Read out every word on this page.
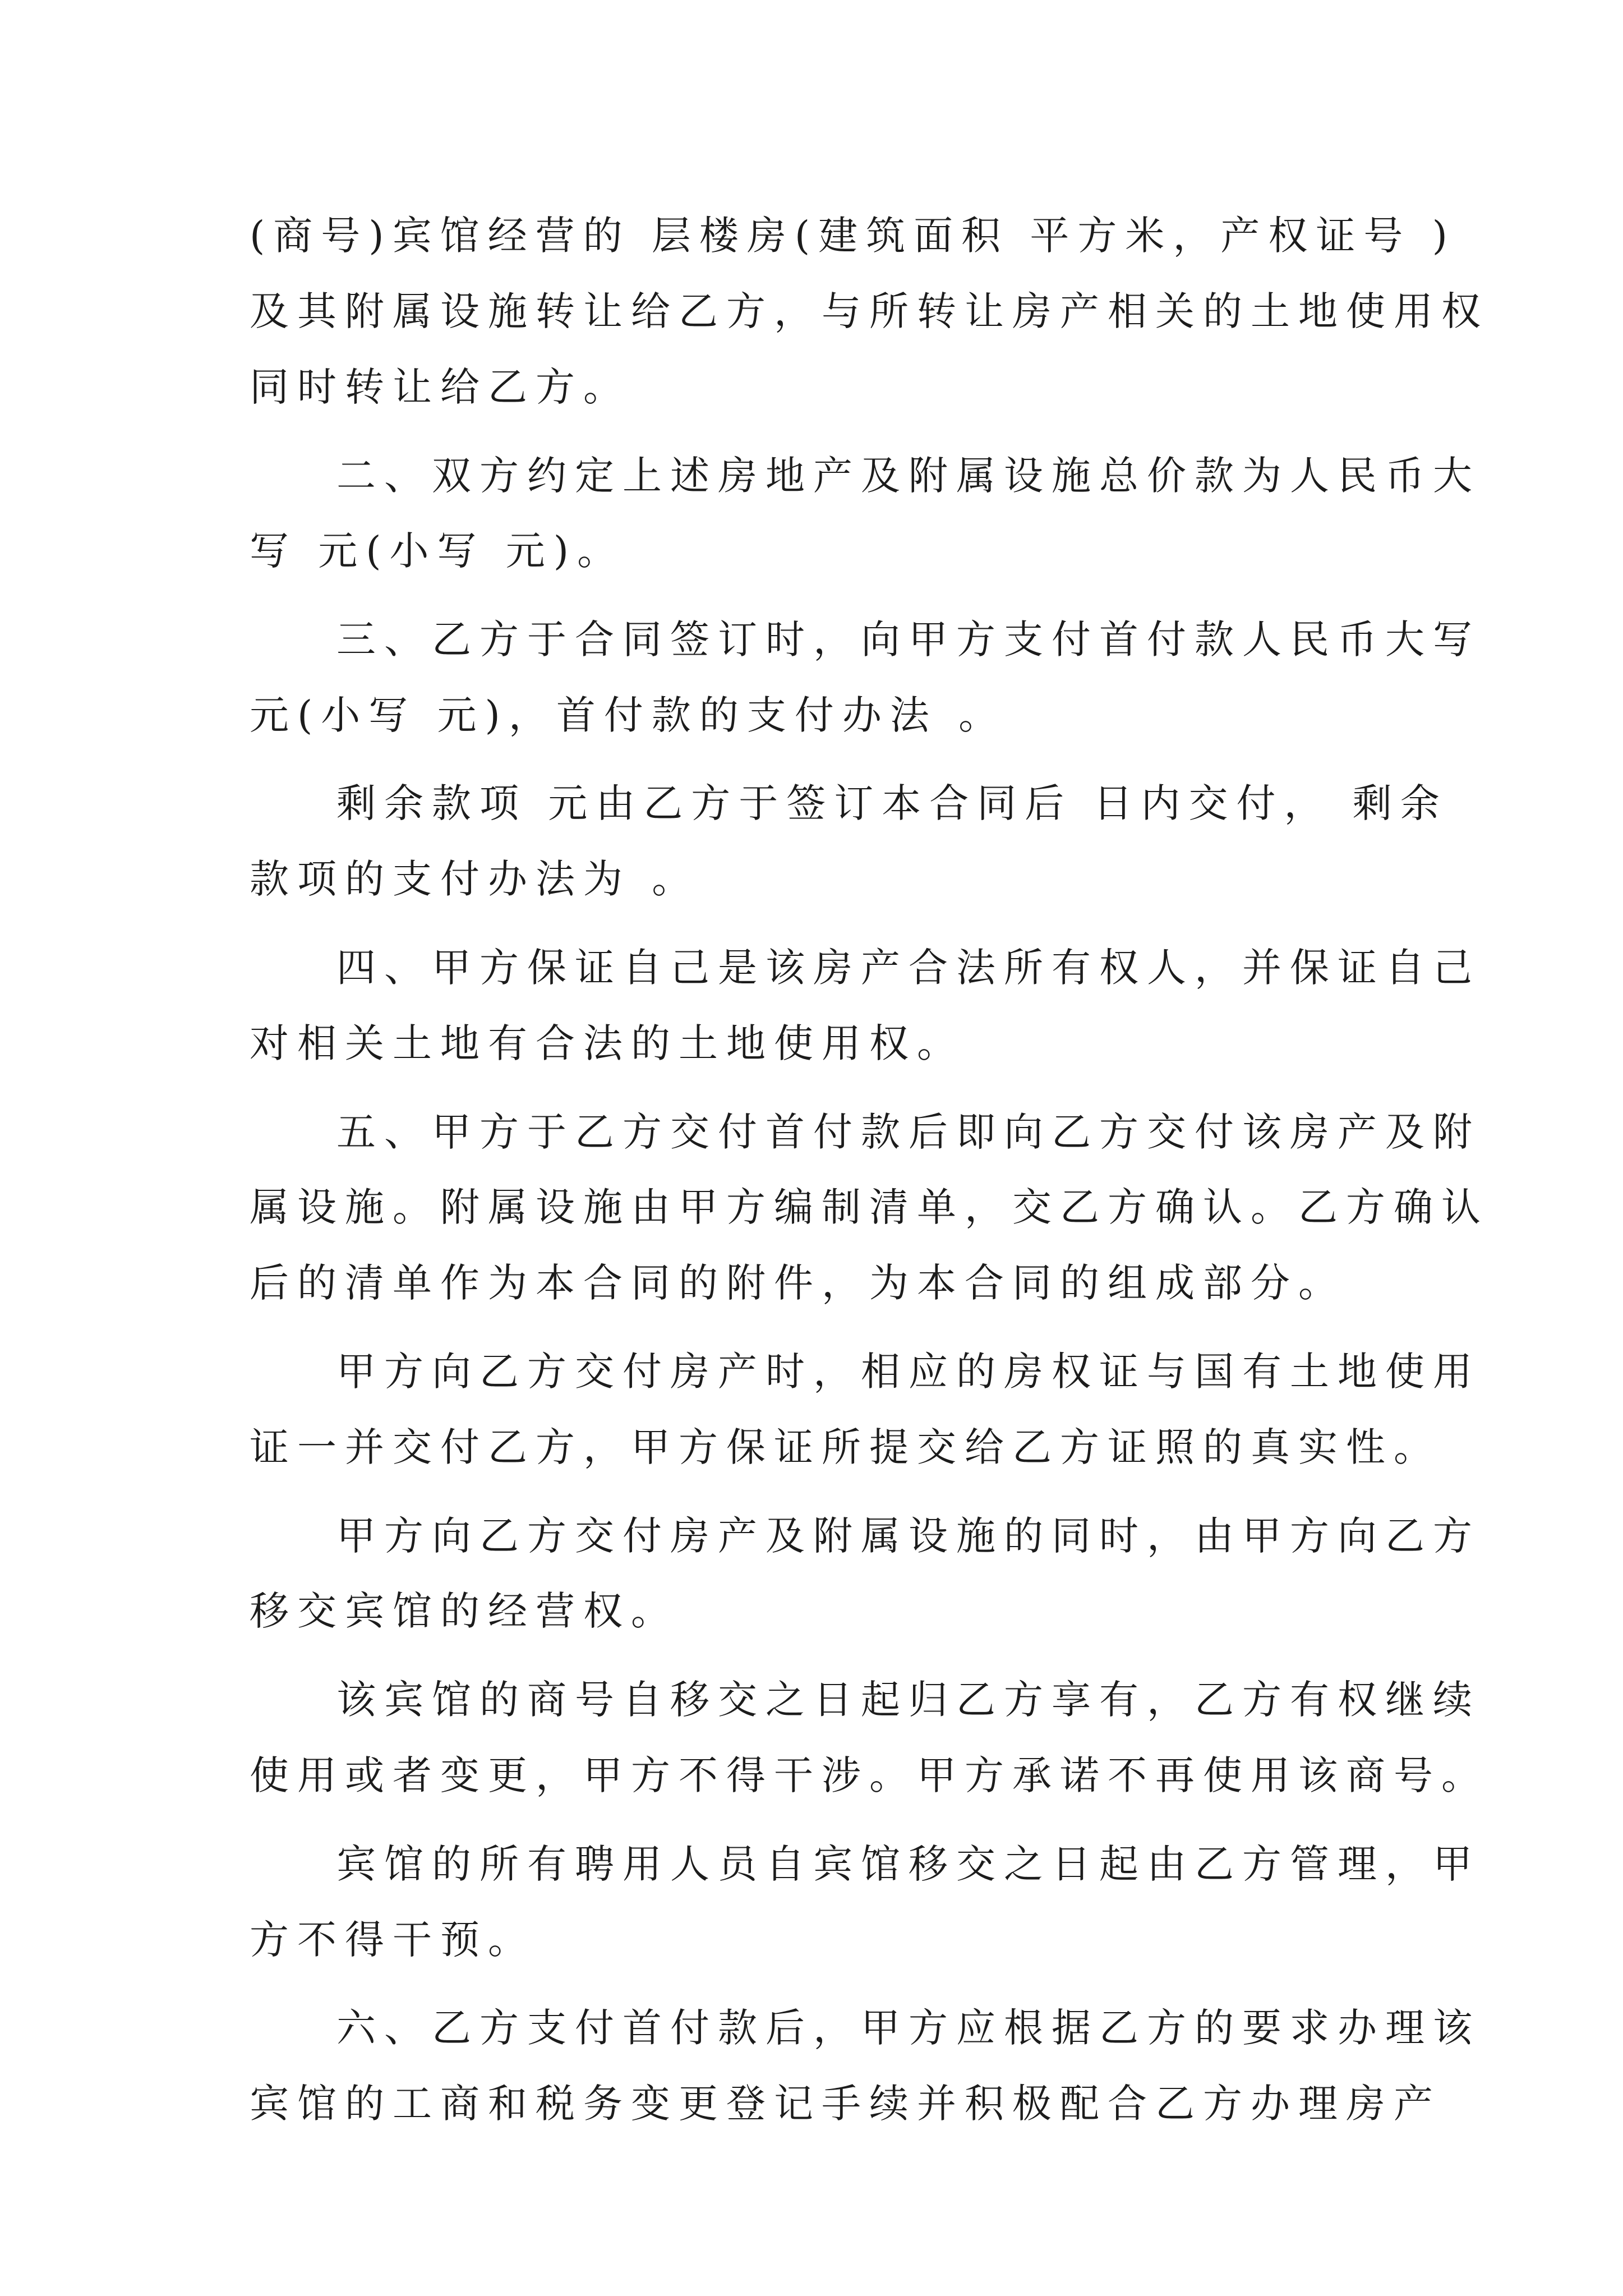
(商号)宾馆经营的 层楼房(建筑面积 平方米，产权证号 )

及其附属设施转让给乙方，与所转让房产相关的土地使用权

同时转让给乙方。

二、双方约定上述房地产及附属设施总价款为人民币大

写 元(小写 元)。

三、乙方于合同签订时，向甲方支付首付款人民币大写

元(小写 元)，首付款的支付办法 。

剩余款项 元由乙方于签订本合同后 日内交付， 剩余

款项的支付办法为 。

四、甲方保证自己是该房产合法所有权人，并保证自己

对相关土地有合法的土地使用权。

五、甲方于乙方交付首付款后即向乙方交付该房产及附

属设施。附属设施由甲方编制清单，交乙方确认。乙方确认

后的清单作为本合同的附件，为本合同的组成部分。

甲方向乙方交付房产时，相应的房权证与国有土地使用

证一并交付乙方，甲方保证所提交给乙方证照的真实性。

甲方向乙方交付房产及附属设施的同时，由甲方向乙方

移交宾馆的经营权。

该宾馆的商号自移交之日起归乙方享有，乙方有权继续

使用或者变更，甲方不得干涉。甲方承诺不再使用该商号。

宾馆的所有聘用人员自宾馆移交之日起由乙方管理，甲

方不得干预。

六、乙方支付首付款后，甲方应根据乙方的要求办理该

宾馆的工商和税务变更登记手续并积极配合乙方办理房产
